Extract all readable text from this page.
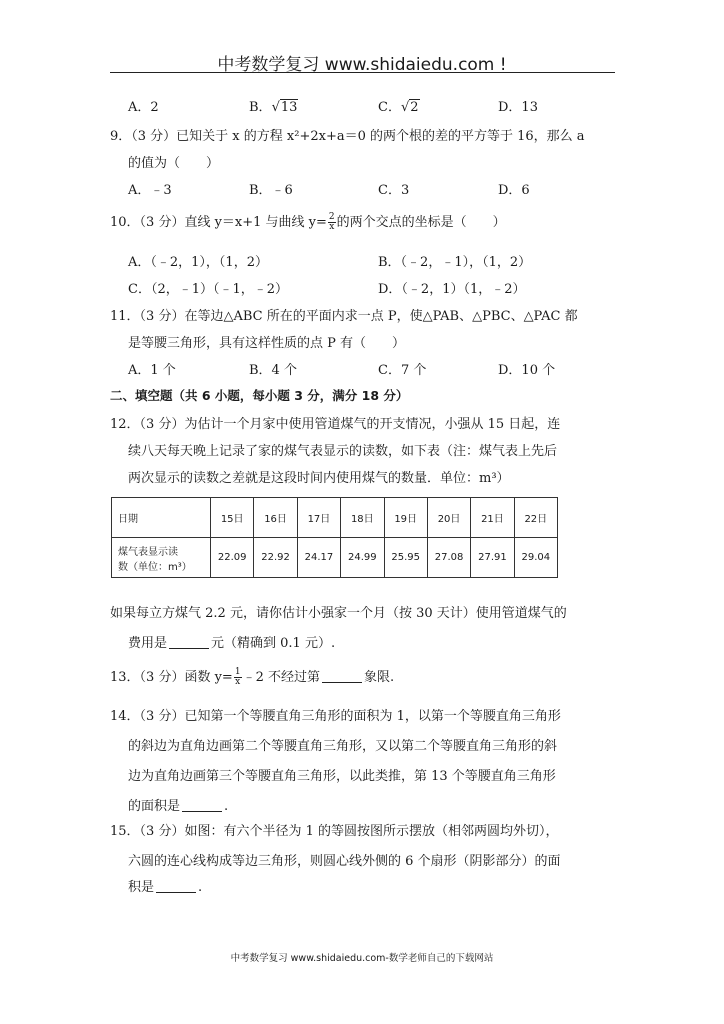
中考数学复习 www.shidaiedu.com !
A．2	B．√13	C．√2	D．13
9．（3 分）已知关于 x 的方程 x²+2x+a＝0 的两个根的差的平方等于 16，那么 a
的值为（　　）
A．﹣3	B．﹣6	C．3	D．6
10．（3 分）直线 y＝x+1 与曲线 $y= \frac{2}{x}$ 的两个交点的坐标是（　　）
A．（﹣2，1），（1，2）	B．（﹣2，﹣1），（1，2）
C．（2，﹣1）（﹣1，﹣2）	D．（﹣2，1）（1，﹣2）
11．（3 分）在等边△ABC 所在的平面内求一点 P，使△PAB、△PBC、△PAC 都
是等腰三角形，具有这样性质的点 P 有（　　）
A．1 个	B．4 个	C．7 个	D．10 个
二、填空题（共 6 小题，每小题 3 分，满分 18 分）
12．（3 分）为估计一个月家中使用管道煤气的开支情况，小强从 15 日起，连
续八天每天晚上记录了家的煤气表显示的读数，如下表（注：煤气表上先后
两次显示的读数之差就是这段时间内使用煤气的数量．单位：m³）
日期	15日	16日	17日	18日	19日	20日	21日	22日
煤气表显示读
数（单位：m³）	22.09	22.92	24.17	24.99	25.95	27.08	27.91	29.04
如果每立方煤气 2.2 元，请你估计小强家一个月（按 30 天计）使用管道煤气的
费用是	元（精确到 0.1 元）.
13．（3 分）函数 $y= \frac{1}{x}$ ﹣2 不经过第	象限.
14．（3 分）已知第一个等腰直角三角形的面积为 1，以第一个等腰直角三角形
的斜边为直角边画第二个等腰直角三角形，又以第二个等腰直角三角形的斜
边为直角边画第三个等腰直角三角形，以此类推，第 13 个等腰直角三角形
的面积是	.
15．（3 分）如图：有六个半径为 1 的等圆按图所示摆放（相邻两圆均外切），
六圆的连心线构成等边三角形，则圆心线外侧的 6 个扇形（阴影部分）的面
积是	.
中考数学复习 www.shidaiedu.com-数学老师自己的下载网站
